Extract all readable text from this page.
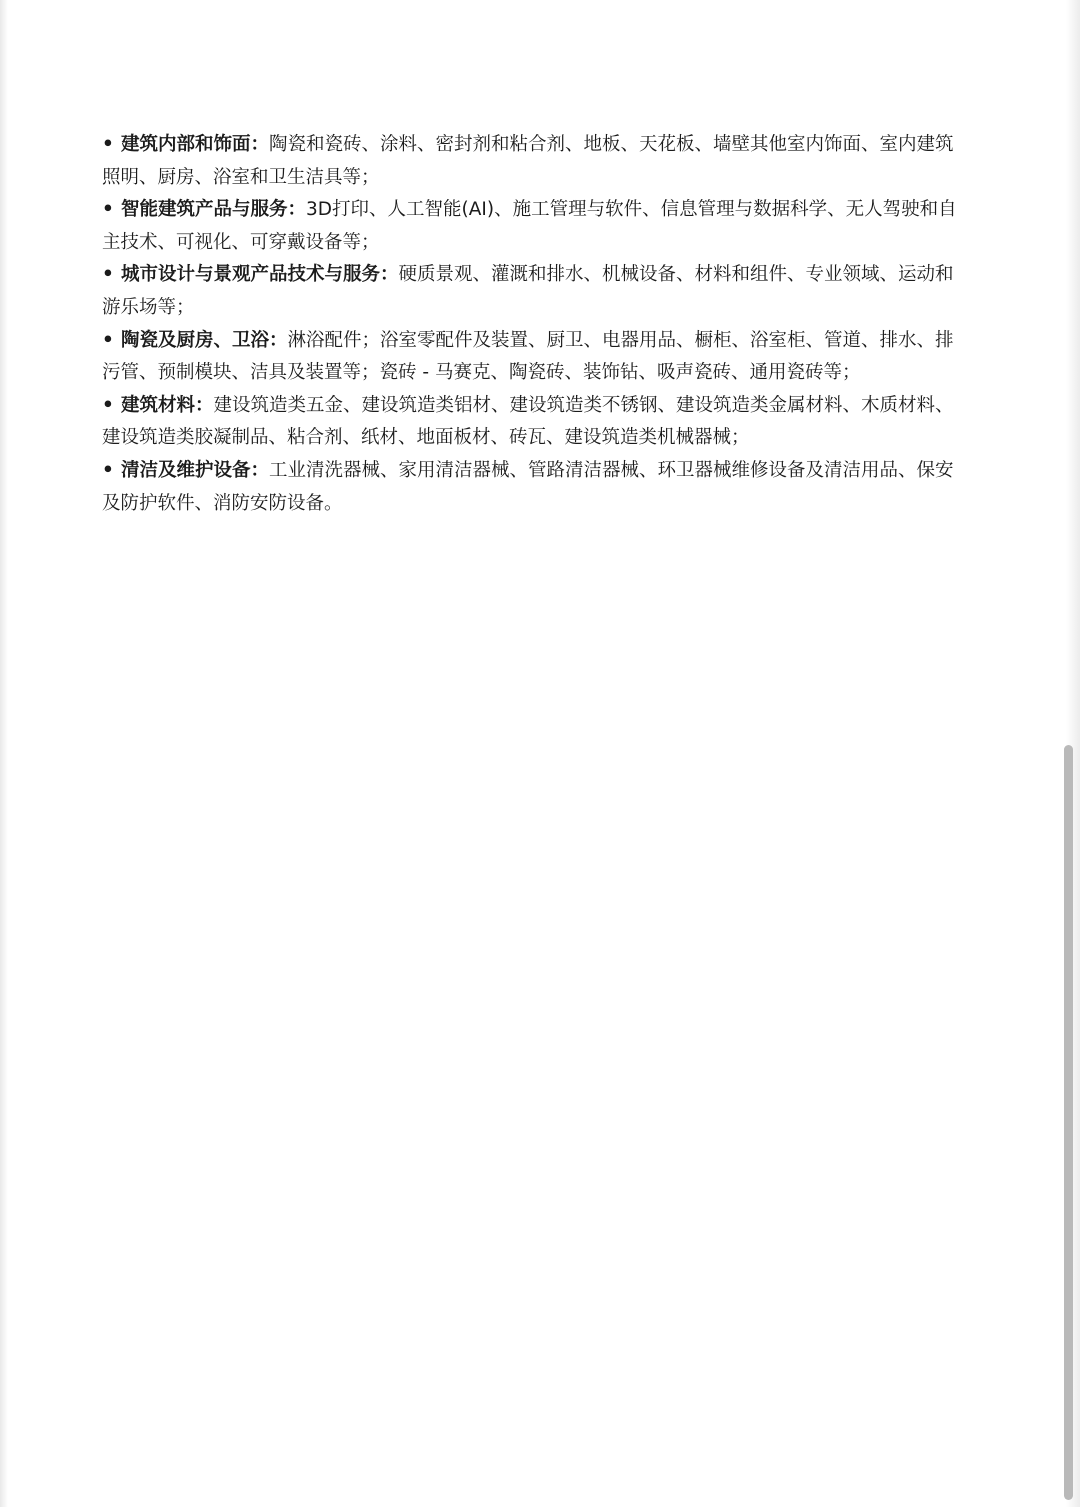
• 建筑内部和饰面：陶瓷和瓷砖、涂料、密封剂和粘合剂、地板、天花板、墙壁其他室内饰面、室内建筑
照明、厨房、浴室和卫生洁具等；
• 智能建筑产品与服务：3D打印、人工智能(AI)、施工管理与软件、信息管理与数据科学、无人驾驶和自
主技术、可视化、可穿戴设备等；
• 城市设计与景观产品技术与服务：硬质景观、灌溉和排水、机械设备、材料和组件、专业领域、运动和
游乐场等；
• 陶瓷及厨房、卫浴：淋浴配件；浴室零配件及装置、厨卫、电器用品、橱柜、浴室柜、管道、排水、排
污管、预制模块、洁具及装置等；瓷砖 - 马赛克、陶瓷砖、装饰钻、吸声瓷砖、通用瓷砖等；
• 建筑材料：建设筑造类五金、建设筑造类铝材、建设筑造类不锈钢、建设筑造类金属材料、木质材料、
建设筑造类胶凝制品、粘合剂、纸材、地面板材、砖瓦、建设筑造类机械器械；
• 清洁及维护设备：工业清洗器械、家用清洁器械、管路清洁器械、环卫器械维修设备及清洁用品、保安
及防护软件、消防安防设备。
